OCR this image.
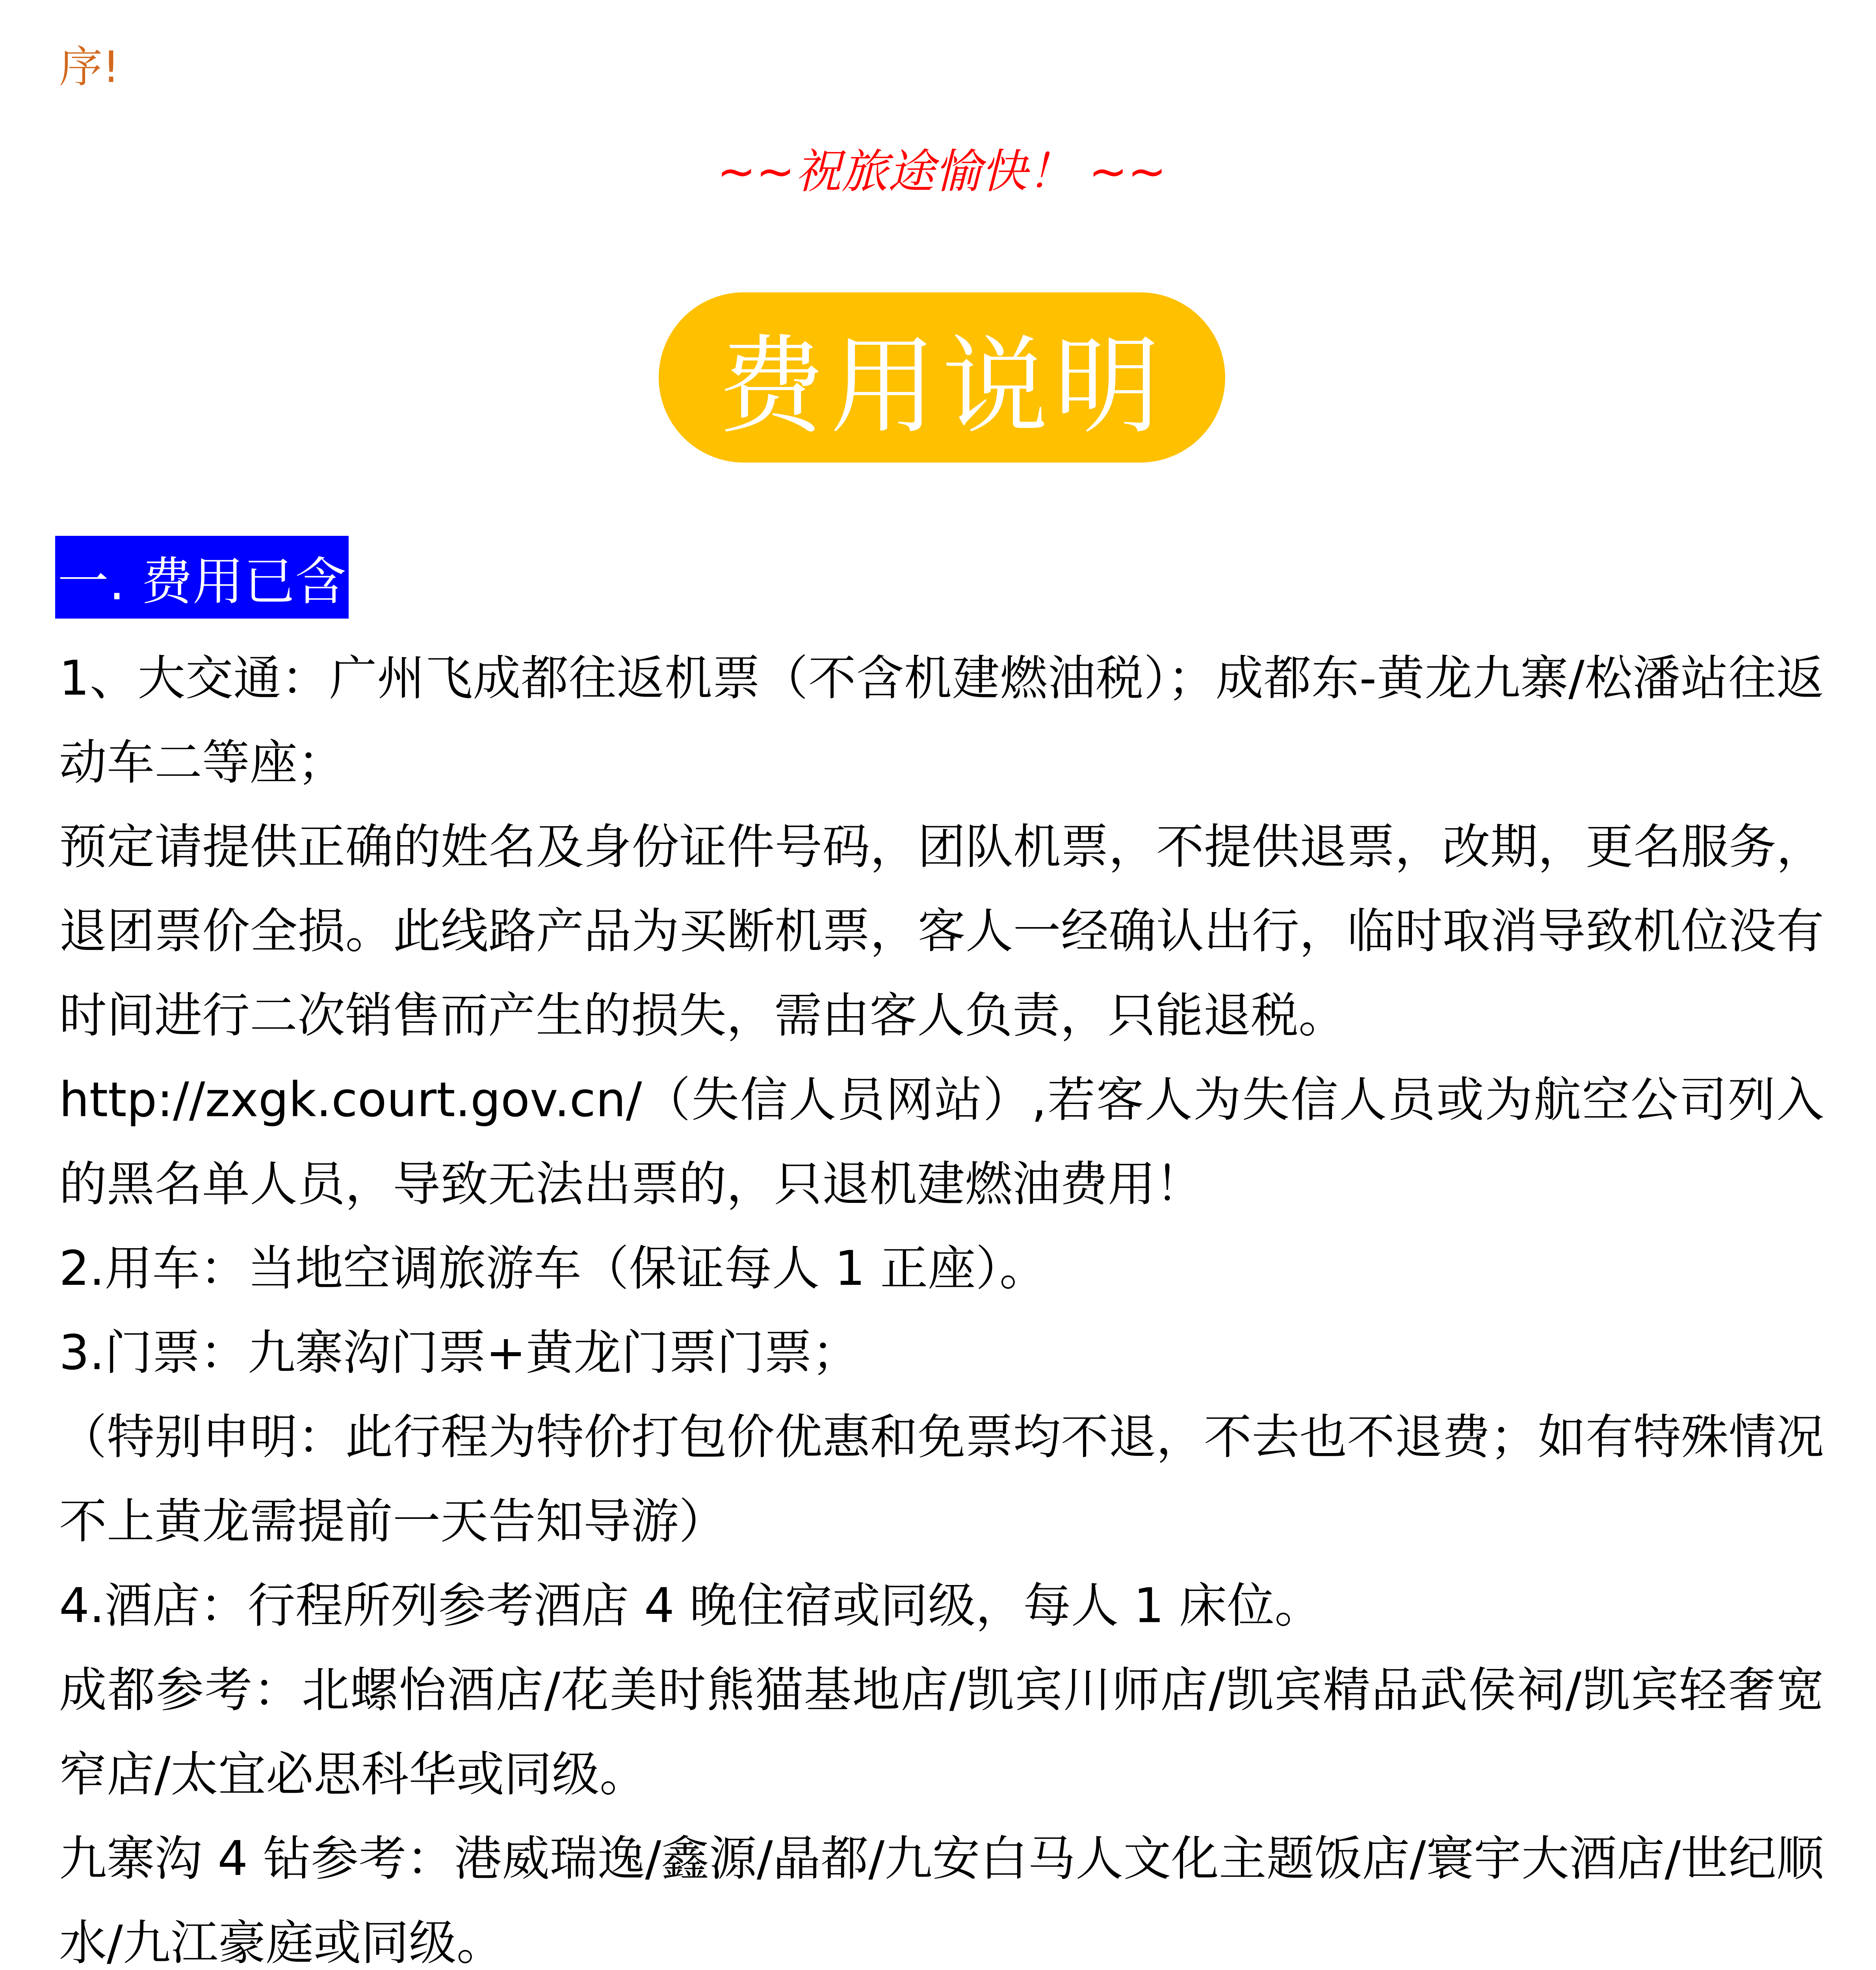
序!
~~祝旅途愉快！ ~~
费用说明
一. 费用已含

1、大交通：广州飞成都往返机票（不含机建燃油税）；成都东-黄龙九寨/松潘站往返动车二等座；

预定请提供正确的姓名及身份证件号码，团队机票，不提供退票，改期，更名服务，退团票价全损。此线路产品为买断机票，客人一经确认出行，临时取消导致机位没有时间进行二次销售而产生的损失，需由客人负责，只能退税。

http://zxgk.court.gov.cn/（失信人员网站）,若客人为失信人员或为航空公司列入的黑名单人员，导致无法出票的，只退机建燃油费用！

2.用车：当地空调旅游车（保证每人 1 正座）。

3.门票：九寨沟门票+黄龙门票门票；

（特别申明：此行程为特价打包价优惠和免票均不退，不去也不退费；如有特殊情况不上黄龙需提前一天告知导游）

4.酒店：行程所列参考酒店 4 晚住宿或同级，每人 1 床位。

成都参考：北螺怡酒店/花美时熊猫基地店/凯宾川师店/凯宾精品武侯祠/凯宾轻奢宽窄店/太宜必思科华或同级。

九寨沟 4 钻参考：港威瑞逸/鑫源/晶都/九安白马人文化主题饭店/寰宇大酒店/世纪顺水/九江豪庭或同级。
